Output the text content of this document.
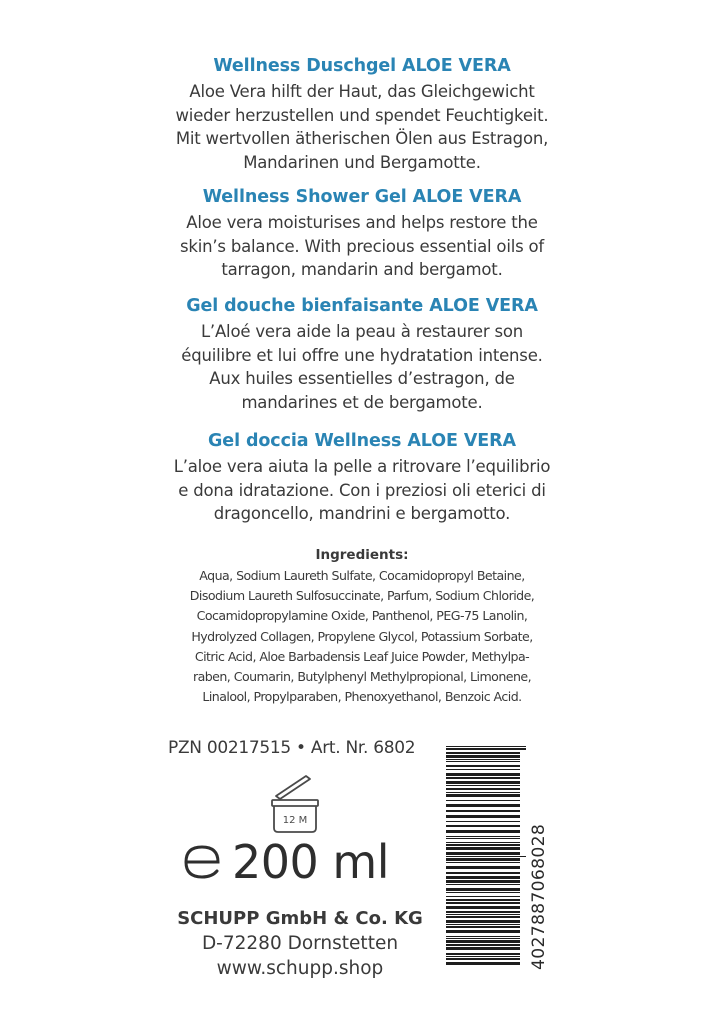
Wellness Duschgel ALOE VERA

Aloe Vera hilft der Haut, das Gleichgewicht
wieder herzustellen und spendet Feuchtigkeit.
Mit wertvollen ätherischen Ölen aus Estragon,
Mandarinen und Bergamotte.

Wellness Shower Gel ALOE VERA

Aloe vera moisturises and helps restore the
skin’s balance. With precious essential oils of
tarragon, mandarin and bergamot.

Gel douche bienfaisante ALOE VERA

L’Aloé vera aide la peau à restaurer son
équilibre et lui offre une hydratation intense.
Aux huiles essentielles d’estragon, de
mandarines et de bergamote.

Gel doccia Wellness ALOE VERA

L’aloe vera aiuta la pelle a ritrovare l’equilibrio
e dona idratazione. Con i preziosi oli eterici di
dragoncello, mandrini e bergamotto.

Ingredients:

Aqua, Sodium Laureth Sulfate, Cocamidopropyl Betaine,
Disodium Laureth Sulfosuccinate, Parfum, Sodium Chloride,
Cocamidopropylamine Oxide, Panthenol, PEG-75 Lanolin,
Hydrolyzed Collagen, Propylene Glycol, Potassium Sorbate,
Citric Acid, Aloe Barbadensis Leaf Juice Powder, Methylpa-
raben, Coumarin, Butylphenyl Methylpropional, Limonene,
Linalool, Propylparaben, Phenoxyethanol, Benzoic Acid.

PZN 00217515 • Art. Nr. 6802
12 M
200 ml
SCHUPP GmbH & Co. KG
D-72280 Dornstetten
www.schupp.shop	4027887068028
